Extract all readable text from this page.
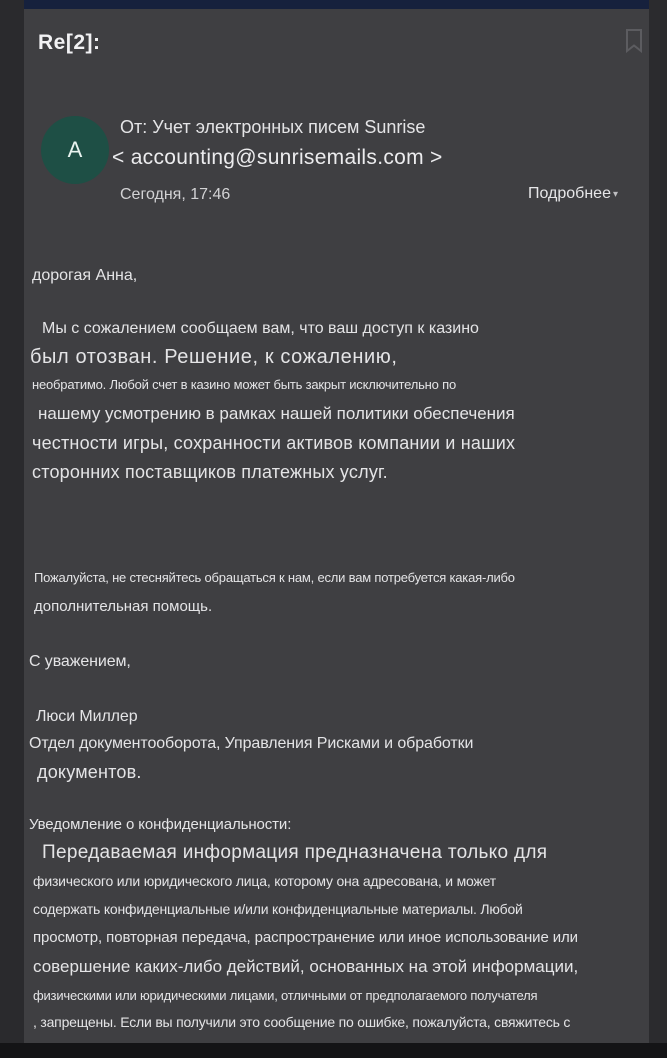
Re[2]:
A
От: Учет электронных писем Sunrise
< accounting@sunrisemails.com >
Сегодня, 17:46	Подробнее ▾
дорогая Анна,
Мы с сожалением сообщаем вам, что ваш доступ к казино
был отозван. Решение, к сожалению,
необратимо. Любой счет в казино может быть закрыт исключительно по
нашему усмотрению в рамках нашей политики обеспечения
честности игры, сохранности активов компании и наших
сторонних поставщиков платежных услуг.
Пожалуйста, не стесняйтесь обращаться к нам, если вам потребуется какая-либо
дополнительная помощь.
С уважением,
Люси Миллер
Отдел документооборота, Управления Рисками и обработки
документов.
Уведомление о конфиденциальности:
Передаваемая информация предназначена только для
физического или юридического лица, которому она адресована, и может
содержать конфиденциальные и/или конфиденциальные материалы. Любой
просмотр, повторная передача, распространение или иное использование или
совершение каких-либо действий, основанных на этой информации,
физическими или юридическими лицами, отличными от предполагаемого получателя
, запрещены. Если вы получили это сообщение по ошибке, пожалуйста, свяжитесь с
